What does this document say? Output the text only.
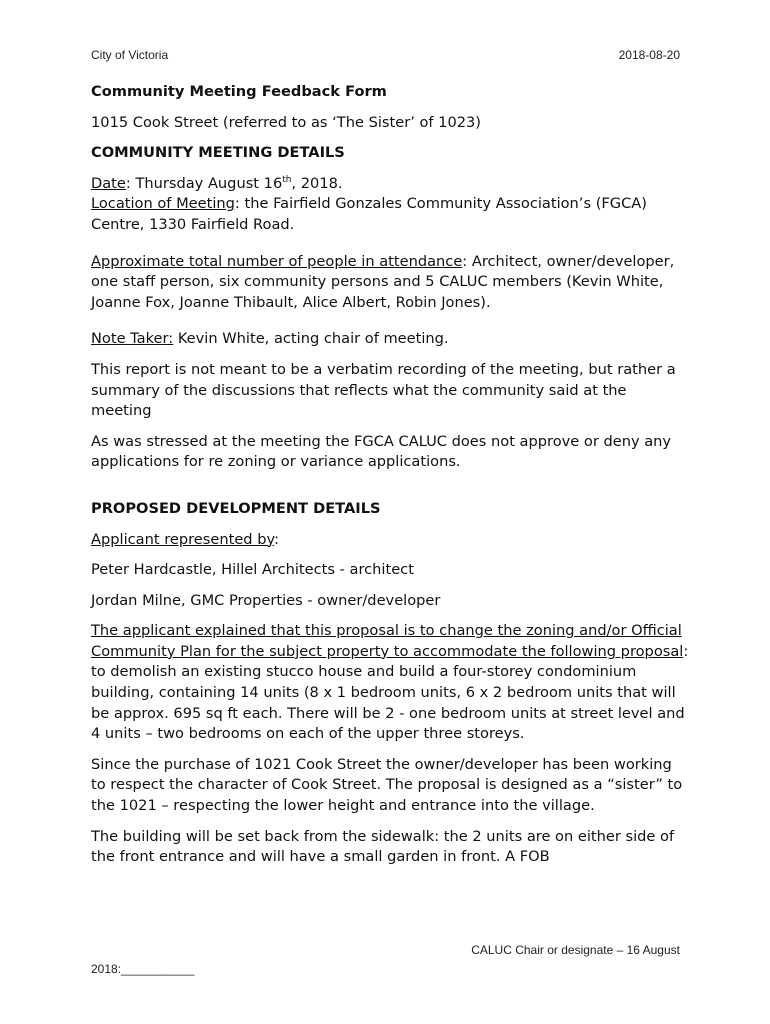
City of Victoria	2018-08-20

Community Meeting Feedback Form

1015 Cook Street (referred to as ‘The Sister’ of 1023)

COMMUNITY MEETING DETAILS

Date: Thursday August 16th, 2018.

Location of Meeting: the Fairfield Gonzales Community Association’s (FGCA) Centre, 1330 Fairfield Road.

Approximate total number of people in attendance: Architect, owner/developer, one staff person, six community persons and 5 CALUC members (Kevin White, Joanne Fox, Joanne Thibault, Alice Albert, Robin Jones).

Note Taker: Kevin White, acting chair of meeting.

This report is not meant to be a verbatim recording of the meeting, but rather a summary of the discussions that reflects what the community said at the meeting

As was stressed at the meeting the FGCA CALUC does not approve or deny any applications for re zoning or variance applications.

PROPOSED DEVELOPMENT DETAILS

Applicant represented by:

Peter Hardcastle, Hillel Architects - architect

Jordan Milne, GMC Properties - owner/developer

The applicant explained that this proposal is to change the zoning and/or Official Community Plan for the subject property to accommodate the following proposal: to demolish an existing stucco house and build a four-storey condominium building, containing 14 units (8 x 1 bedroom units, 6 x 2 bedroom units that will be approx. 695 sq ft each. There will be 2 - one bedroom units at street level and 4 units – two bedrooms on each of the upper three storeys.

Since the purchase of 1021 Cook Street the owner/developer has been working to respect the character of Cook Street. The proposal is designed as a “sister” to the 1021 – respecting the lower height and entrance into the village.

The building will be set back from the sidewalk: the 2 units are on either side of the front entrance and will have a small garden in front. A FOB

CALUC Chair or designate – 16 August
2018:___________
